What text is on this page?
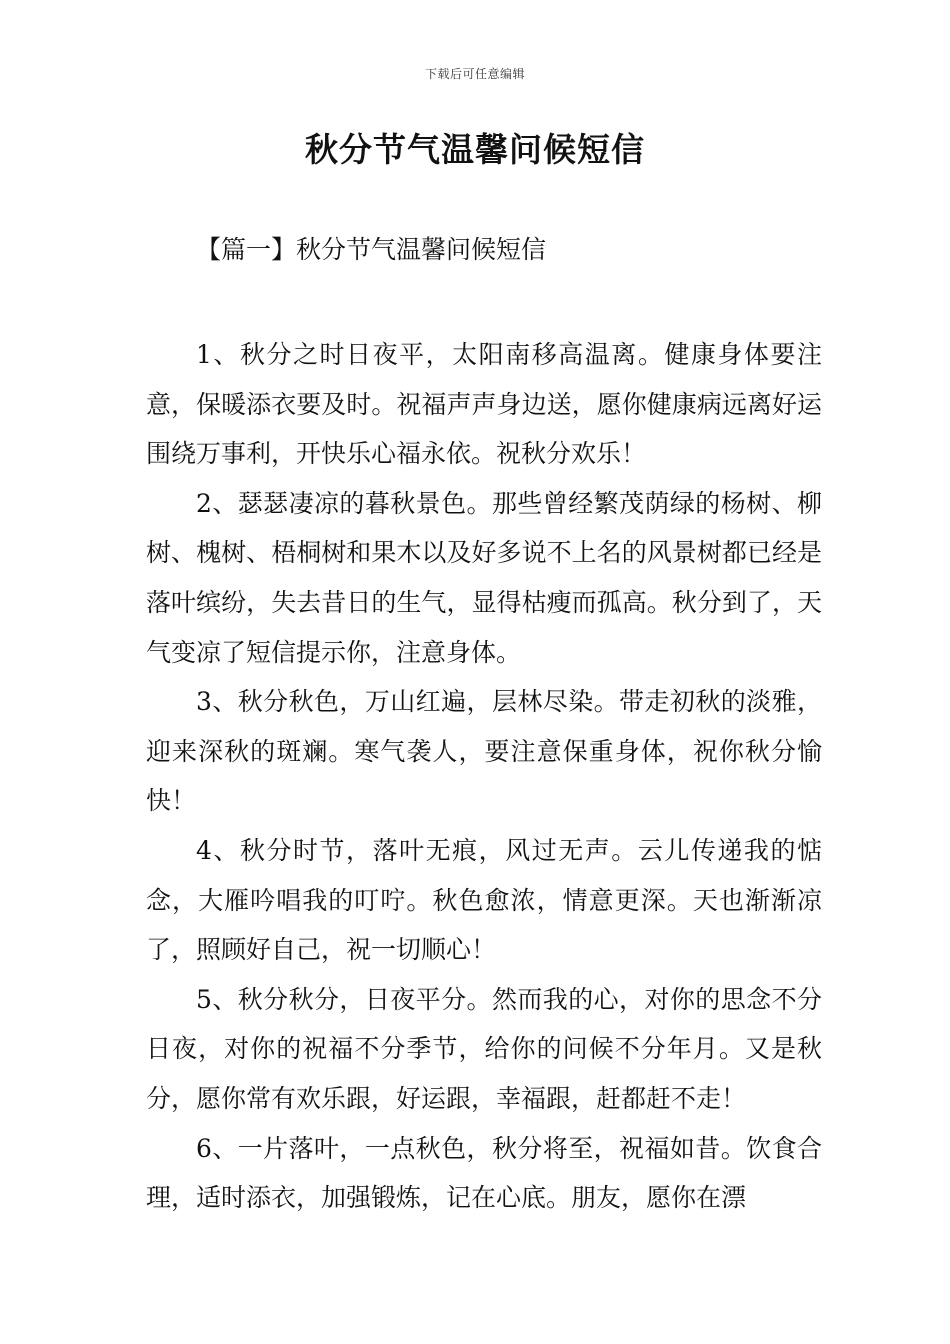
下载后可任意编辑
秋分节气温馨问候短信
【篇一】秋分节气温馨问候短信

1、秋分之时日夜平，太阳南移高温离。健康身体要注意，保暖添衣要及时。祝福声声身边送，愿你健康病远离好运围绕万事利，开快乐心福永依。祝秋分欢乐！

2、瑟瑟凄凉的暮秋景色。那些曾经繁茂荫绿的杨树、柳树、槐树、梧桐树和果木以及好多说不上名的风景树都已经是落叶缤纷，失去昔日的生气，显得枯瘦而孤高。秋分到了，天气变凉了短信提示你，注意身体。

3、秋分秋色，万山红遍，层林尽染。带走初秋的淡雅，迎来深秋的斑斓。寒气袭人，要注意保重身体，祝你秋分愉快！

4、秋分时节，落叶无痕，风过无声。云儿传递我的惦念，大雁吟唱我的叮咛。秋色愈浓，情意更深。天也渐渐凉了，照顾好自己，祝一切顺心！

5、秋分秋分，日夜平分。然而我的心，对你的思念不分日夜，对你的祝福不分季节，给你的问候不分年月。又是秋分，愿你常有欢乐跟，好运跟，幸福跟，赶都赶不走！

6、一片落叶，一点秋色，秋分将至，祝福如昔。饮食合理，适时添衣，加强锻炼，记在心底。朋友，愿你在漂
